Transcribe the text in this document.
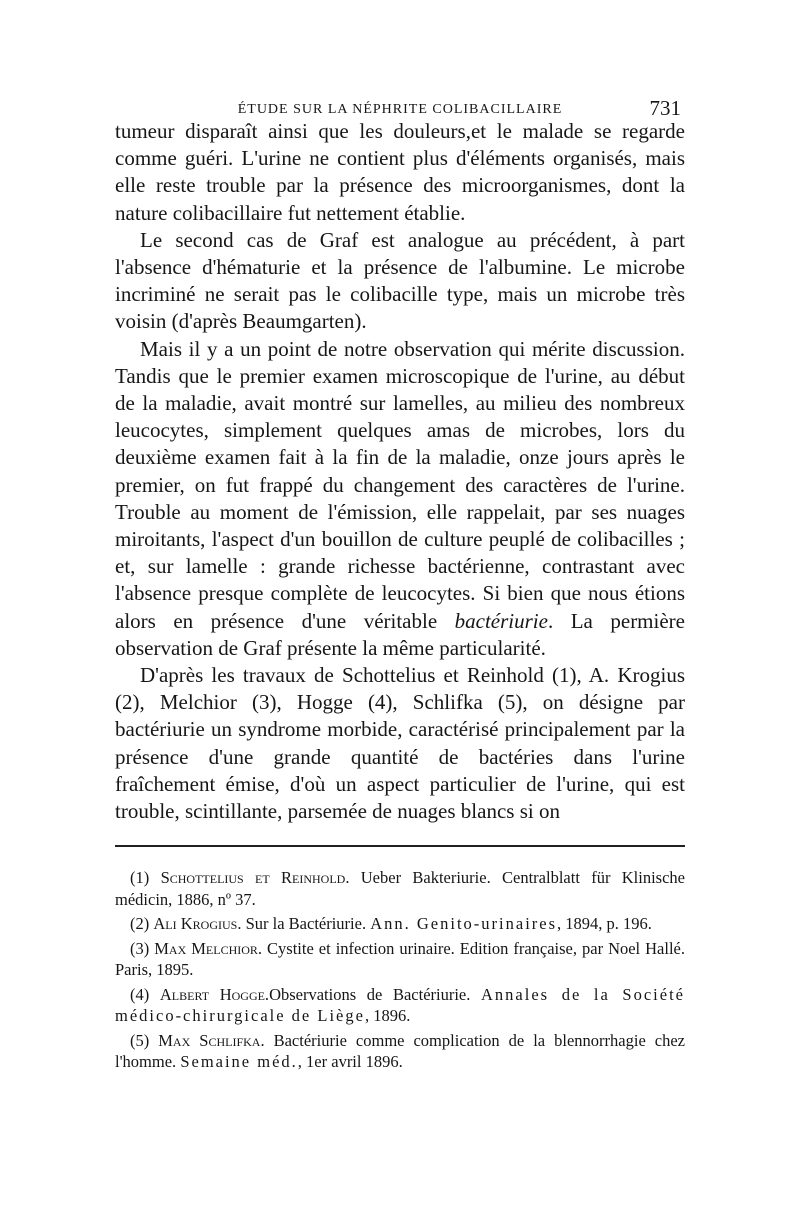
ÉTUDE SUR LA NÉPHRITE COLIBACILLAIRE	731

tumeur disparaît ainsi que les douleurs,et le malade se regarde comme guéri. L'urine ne contient plus d'éléments organisés, mais elle reste trouble par la présence des microorganismes, dont la nature colibacillaire fut nettement établie.

Le second cas de Graf est analogue au précédent, à part l'absence d'hématurie et la présence de l'albumine. Le microbe incriminé ne serait pas le colibacille type, mais un microbe très voisin (d'après Beaumgarten).

Mais il y a un point de notre observation qui mérite discussion. Tandis que le premier examen microscopique de l'urine, au début de la maladie, avait montré sur lamelles, au milieu des nombreux leucocytes, simplement quelques amas de microbes, lors du deuxième examen fait à la fin de la maladie, onze jours après le premier, on fut frappé du changement des caractères de l'urine. Trouble au moment de l'émission, elle rappelait, par ses nuages miroitants, l'aspect d'un bouillon de culture peuplé de colibacilles ; et, sur lamelle : grande richesse bactérienne, contrastant avec l'absence presque complète de leucocytes. Si bien que nous étions alors en présence d'une véritable bactériurie. La permière observation de Graf présente la même particularité.

D'après les travaux de Schottelius et Reinhold (1), A. Krogius (2), Melchior (3), Hogge (4), Schlifka (5), on désigne par bactériurie un syndrome morbide, caractérisé principalement par la présence d'une grande quantité de bactéries dans l'urine fraîchement émise, d'où un aspect particulier de l'urine, qui est trouble, scintillante, parsemée de nuages blancs si on

(1) Schottelius et Reinhold. Ueber Bakteriurie. Centralblatt für Klinische médicin, 1886, nº 37.

(2) Ali Krogius. Sur la Bactériurie. Ann. Genito-urinaires, 1894, p. 196.

(3) Max Melchior. Cystite et infection urinaire. Edition française, par Noel Hallé. Paris, 1895.

(4) Albert Hogge.Observations de Bactériurie. Annales de la Société médico-chirurgicale de Liège, 1896.

(5) Max Schlifka. Bactériurie comme complication de la blennorrhagie chez l'homme. Semaine méd., 1er avril 1896.
